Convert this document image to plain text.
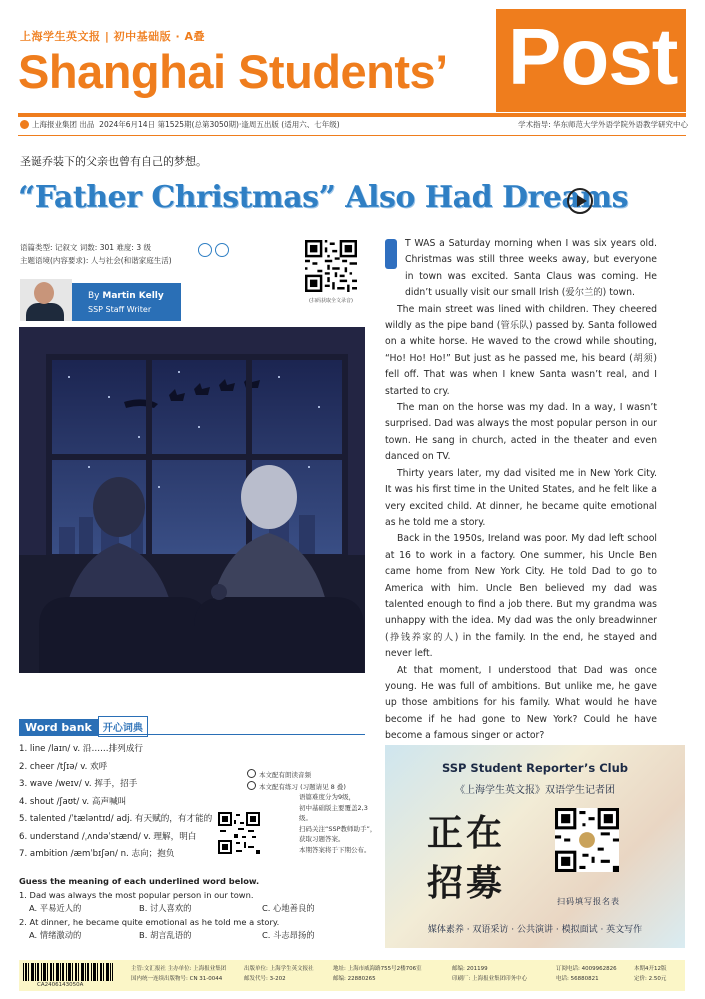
上海学生英文报 | 初中基础版 · A叠
Shanghai Students’ Post
上海报业集团 出品 2024年6月14日 第1525期(总第3050期)·逢周五出版 (适用六、七年级)	学术指导: 华东师范大学外语学院外语教学研究中心
圣诞乔装下的父亲也曾有自己的梦想。
“Father Christmas” Also Had Dreams
语篇类型: 记叙文 词数: 301 难度: 3 级
主题语境(内容要求): 人与社会(和谐家庭生活)
(扫码获取全文录音)
By Martin Kelly
SSP Staff Writer

T WAS a Saturday morning when I was six years old. Christmas was still three weeks away, but everyone in town was excited. Santa Claus was coming. He didn’t usually visit our small Irish (爱尔兰的) town.

The main street was lined with children. They cheered wildly as the pipe band (管乐队) passed by. Santa followed on a white horse. He waved to the crowd while shouting, “Ho! Ho! Ho!” But just as he passed me, his beard (胡须) fell off. That was when I knew Santa wasn’t real, and I started to cry.

The man on the horse was my dad. In a way, I wasn’t surprised. Dad was always the most popular person in our town. He sang in church, acted in the theater and even danced on TV.

Thirty years later, my dad visited me in New York City. It was his first time in the United States, and he felt like a very excited child. At dinner, he became quite emotional as he told me a story.

Back in the 1950s, Ireland was poor. My dad left school at 16 to work in a factory. One summer, his Uncle Ben came home from New York City. He told Dad to go to America with him. Uncle Ben believed my dad was talented enough to find a job there. But my grandma was unhappy with the idea. My dad was the only breadwinner (挣钱养家的人) in the family. In the end, he stayed and never left.

At that moment, I understood that Dad was once young. He was full of ambitions. But unlike me, he gave up those ambitions for his family. What would he have become if he had gone to New York? Could he have become a famous singer or actor?

Word bank 开心词典
1. line /laɪn/ v. 沿……排列成行
2. cheer /tʃɪə/ v. 欢呼
3. wave /weɪv/ v. 挥手，招手
4. shout /ʃaʊt/ v. 高声喊叫
5. talented /ˈtæləntɪd/ adj. 有天赋的，有才能的
6. understand /ˌʌndəˈstænd/ v. 理解，明白
7. ambition /æmˈbɪʃən/ n. 志向；抱负
本文配有朗读音频
本文配有练习 (习题请见 8 叠)
语篇难度分为9级，
初中基础版主要覆盖2,3级。
扫码关注“SSP教师助手”，
获取习题答案。
本期答案将于下期公布。
Guess the meaning of each underlined word below.
1. Dad was always the most popular person in our town.
A. 平易近人的	B. 讨人喜欢的	C. 心地善良的
2. At dinner, he became quite emotional as he told me a story.
A. 情绪激动的	B. 胡言乱语的	C. 斗志昂扬的
SSP Student Reporter’s Club
《上海学生英文报》双语学生记者团
正在
招募	扫码填写报名表
媒体素养 · 双语采访 · 公共演讲 · 模拟面试 · 英文写作
CA2406143050A
主管:文汇报社 主办单位: 上海报业集团
国内统一连续出版物号: CN 31-0044
出版单位: 上海学生英文报社
邮发代号: 3-202
地址: 上海市威海路755号2楼706室
邮编: 22880265
邮编: 201199
印刷厂: 上海报业集团印务中心
订阅电话: 4009962826
电话: 56880821
本期4开12版
定价: 2.50元
